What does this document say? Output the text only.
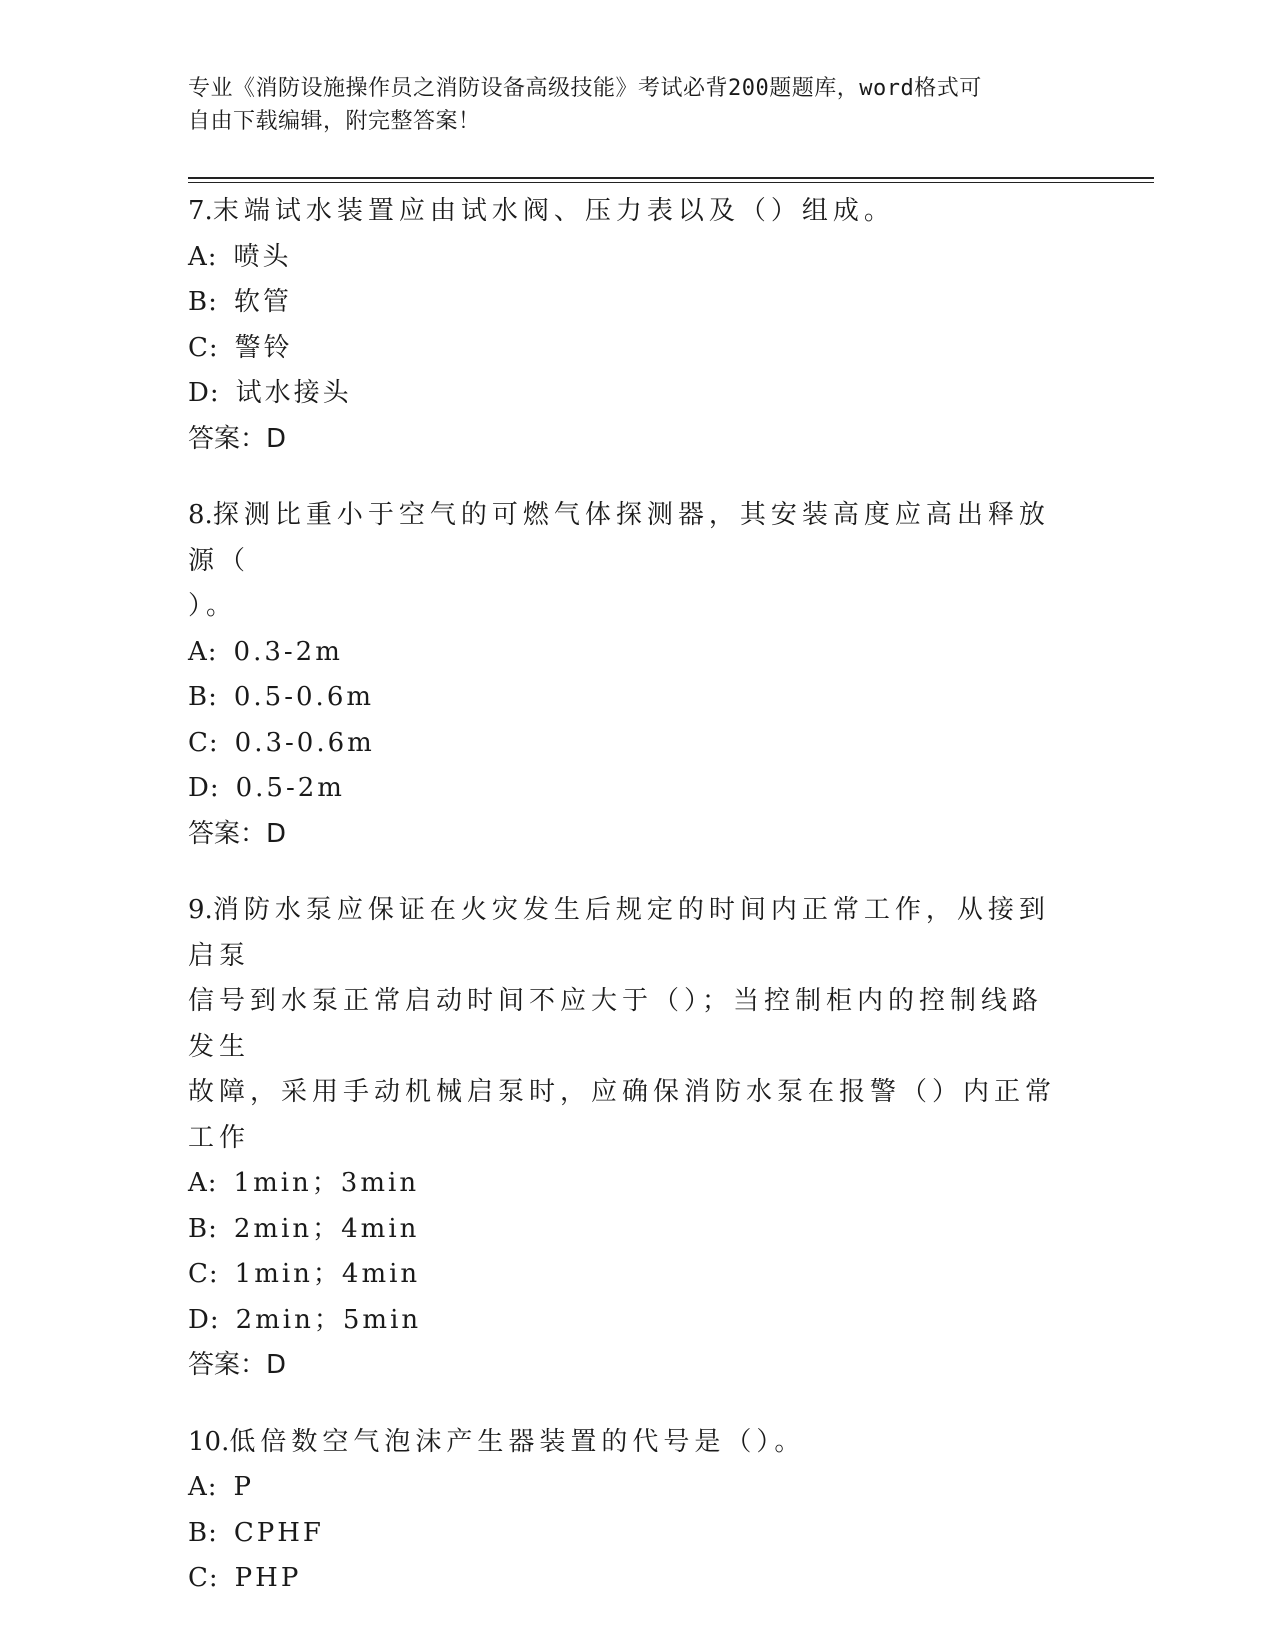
专业《消防设施操作员之消防设备高级技能》考试必背200题题库，word格式可
自由下载编辑，附完整答案！
7.末端试水装置应由试水阀、压力表以及（）组成。
A: 喷头
B: 软管
C: 警铃
D: 试水接头
答案：D
8.探测比重小于空气的可燃气体探测器，其安装高度应高出释放源（
）。
A: 0.3-2m
B: 0.5-0.6m
C: 0.3-0.6m
D: 0.5-2m
答案：D
9.消防水泵应保证在火灾发生后规定的时间内正常工作，从接到启泵
信号到水泵正常启动时间不应大于（）；当控制柜内的控制线路发生
故障，采用手动机械启泵时，应确保消防水泵在报警（）内正常工作
A: 1min；3min
B: 2min；4min
C: 1min；4min
D: 2min；5min
答案：D
10.低倍数空气泡沫产生器装置的代号是（）。
A: P
B: CPHF
C: PHP
